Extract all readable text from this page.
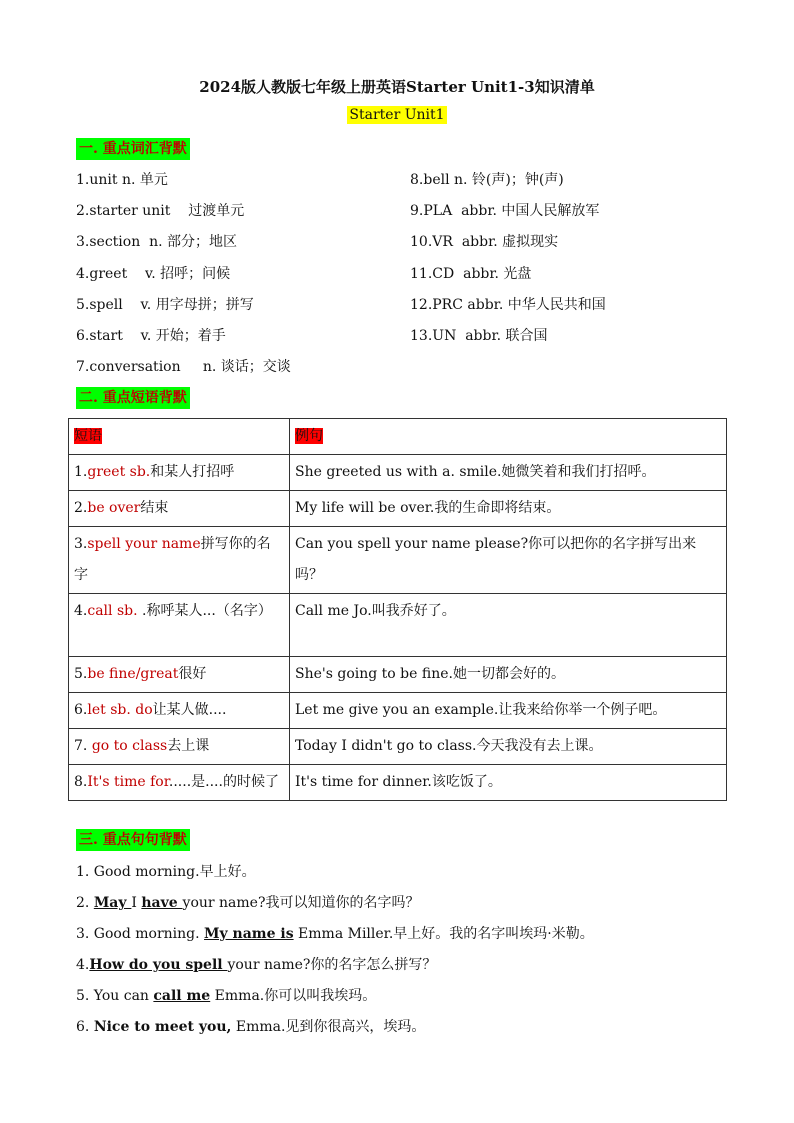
2024版人教版七年级上册英语Starter Unit1-3知识清单
Starter Unit1
一. 重点词汇背默
1.unit n. 单元
2.starter unit    过渡单元
3.section  n. 部分；地区
4.greet    v. 招呼；问候
5.spell    v. 用字母拼；拼写
6.start    v. 开始；着手
7.conversation     n. 谈话；交谈
8.bell n. 铃(声)；钟(声)
9.PLA  abbr. 中国人民解放军
10.VR  abbr. 虚拟现实
11.CD  abbr. 光盘
12.PRC abbr. 中华人民共和国
13.UN  abbr. 联合国
二. 重点短语背默
短语	例句
1.greet sb.和某人打招呼	She greeted us with a. smile.她微笑着和我们打招呼。
2.be over结束	My life will be over.我的生命即将结束。
3.spell your name拼写你的名字	Can you spell your name please?你可以把你的名字拼写出来吗？
4.call sb. .称呼某人...（名字）	Call me Jo.叫我乔好了。
5.be fine/great很好	She's going to be fine.她一切都会好的。
6.let sb. do让某人做....	Let me give you an example.让我来给你举一个例子吧。
7. go to class去上课	Today I didn't go to class.今天我没有去上课。
8.It's time for.....是....的时候了	It's time for dinner.该吃饭了。
三. 重点句句背默
1. Good morning.早上好。
2. May I have your name?我可以知道你的名字吗？
3. Good morning. My name is Emma Miller.早上好。我的名字叫埃玛·米勒。
4.How do you spell your name?你的名字怎么拼写？
5. You can call me Emma.你可以叫我埃玛。
6. Nice to meet you, Emma.见到你很高兴，埃玛。
